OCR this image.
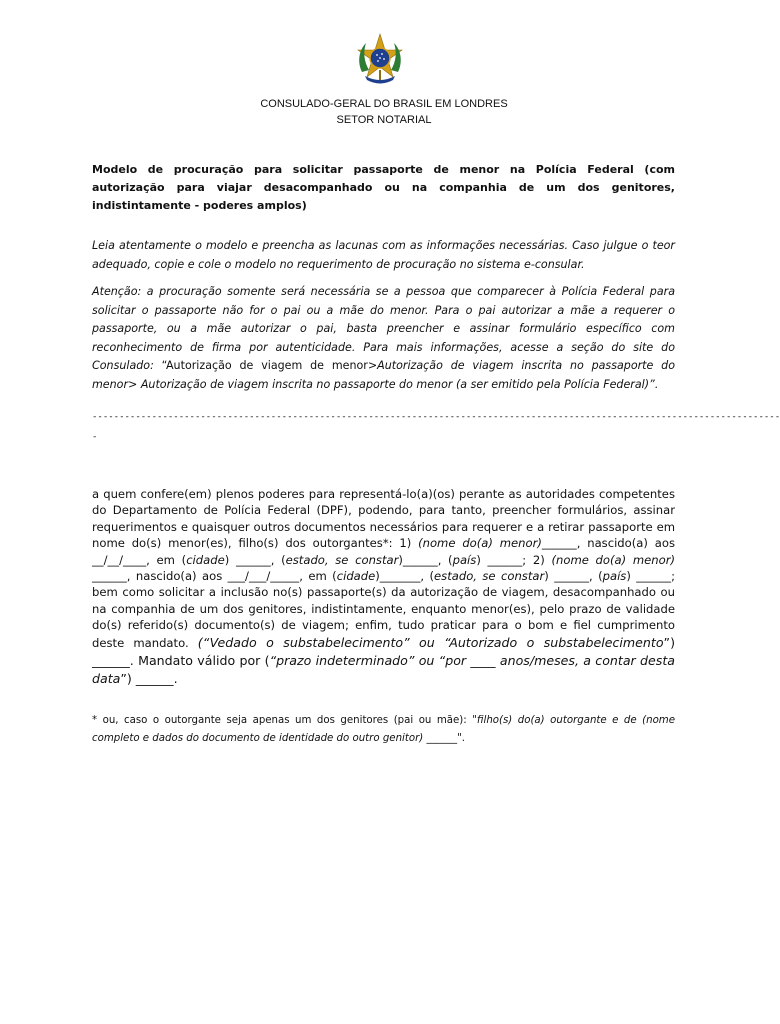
CONSULADO-GERAL DO BRASIL EM LONDRES
SETOR NOTARIAL

Modelo de procuração para solicitar passaporte de menor na Polícia Federal (com autorização para viajar desacompanhado ou na companhia de um dos genitores, indistintamente - poderes amplos)

Leia atentamente o modelo e preencha as lacunas com as informações necessárias. Caso julgue o teor adequado, copie e cole o modelo no requerimento de procuração no sistema e-consular.

Atenção: a procuração somente será necessária se a pessoa que comparecer à Polícia Federal para solicitar o passaporte não for o pai ou a mãe do menor. Para o pai autorizar a mãe a requerer o passaporte, ou a mãe autorizar o pai, basta preencher e assinar formulário específico com reconhecimento de firma por autenticidade. Para mais informações, acesse a seção do site do Consulado: “Autorização de viagem de menor>Autorização de viagem inscrita no passaporte do menor> Autorização de viagem inscrita no passaporte do menor (a ser emitido pela Polícia Federal)”.

-------------------------------------------------------------------------------------------------------------------------------
-

a quem confere(em) plenos poderes para representá-lo(a)(os) perante as autoridades competentes do Departamento de Polícia Federal (DPF), podendo, para tanto, preencher formulários, assinar requerimentos e quaisquer outros documentos necessários para requerer e a retirar passaporte em nome do(s) menor(es), filho(s) dos outorgantes*: 1) (nome do(a) menor)______, nascido(a) aos __/__/____, em (cidade) ______, (estado, se constar)______, (país) ______; 2) (nome do(a) menor) ______, nascido(a) aos ___/___/_____, em (cidade)_______, (estado, se constar) ______, (país) ______; bem como solicitar a inclusão no(s) passaporte(s) da autorização de viagem, desacompanhado ou na companhia de um dos genitores, indistintamente, enquanto menor(es), pelo prazo de validade do(s) referido(s) documento(s) de viagem; enfim, tudo praticar para o bom e fiel cumprimento deste mandato. (“Vedado o substabelecimento” ou “Autorizado o substabelecimento”) ______. Mandato válido por (“prazo indeterminado” ou “por ____ anos/meses, a contar desta data”) ______.

* ou, caso o outorgante seja apenas um dos genitores (pai ou mãe): "filho(s) do(a) outorgante e de (nome completo e dados do documento de identidade do outro genitor) ______".
